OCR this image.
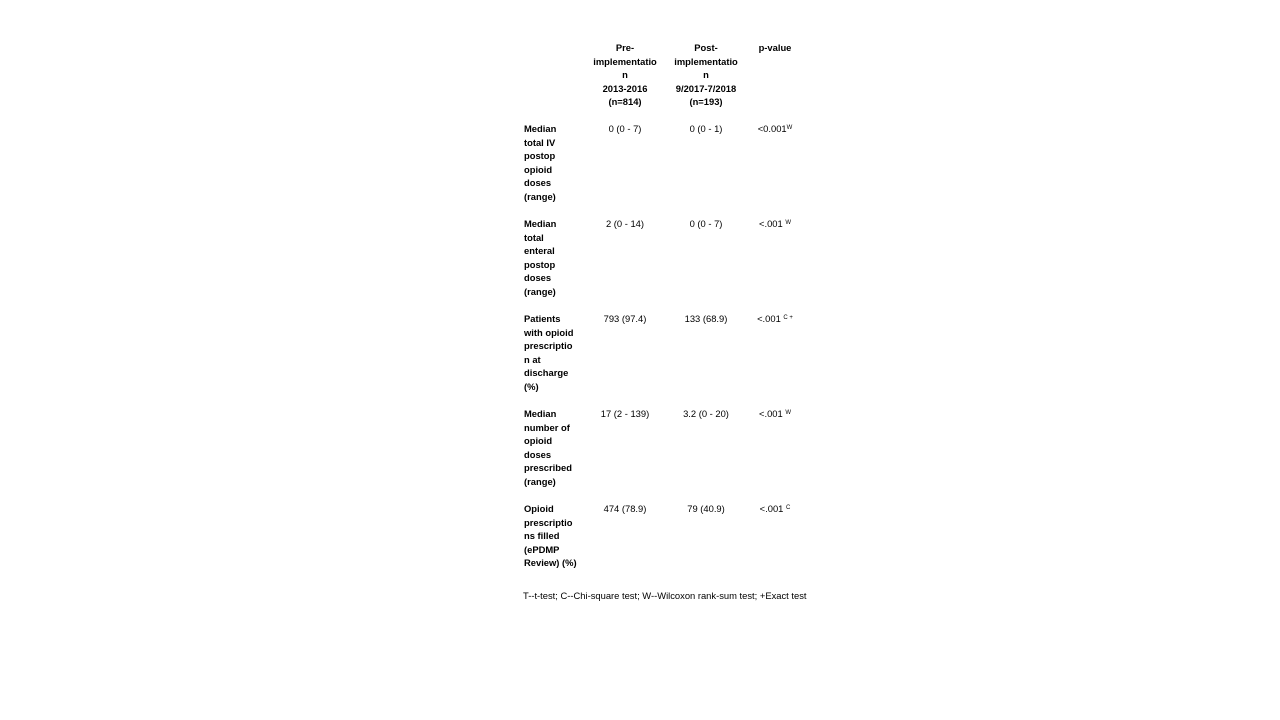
Pre-
implementatio
n
2013-2016
(n=814)
Post-
implementatio
n
9/2017-7/2018
(n=193)
p-value
Median
total IV
postop
opioid
doses
(range)
0 (0 - 7)	0 (0 - 1)	$<0.001^W$
Median
total
enteral
postop
doses
(range)
2 (0 - 14)	0 (0 - 7)	<.001 $^W$
Patients
with opioid
prescriptio
n at
discharge
(%)
793 (97.4)	133 (68.9)	<.001 $^{C +}$
Median
number of
opioid
doses
prescribed
(range)
17 (2 - 139)	3.2 (0 - 20)	<.001 $^W$
Opioid
prescriptio
ns filled
(ePDMP
Review) (%)
474 (78.9)	79 (40.9)	<.001 $^C$
T--t-test; C--Chi-square test; W--Wilcoxon rank-sum test; +Exact test
